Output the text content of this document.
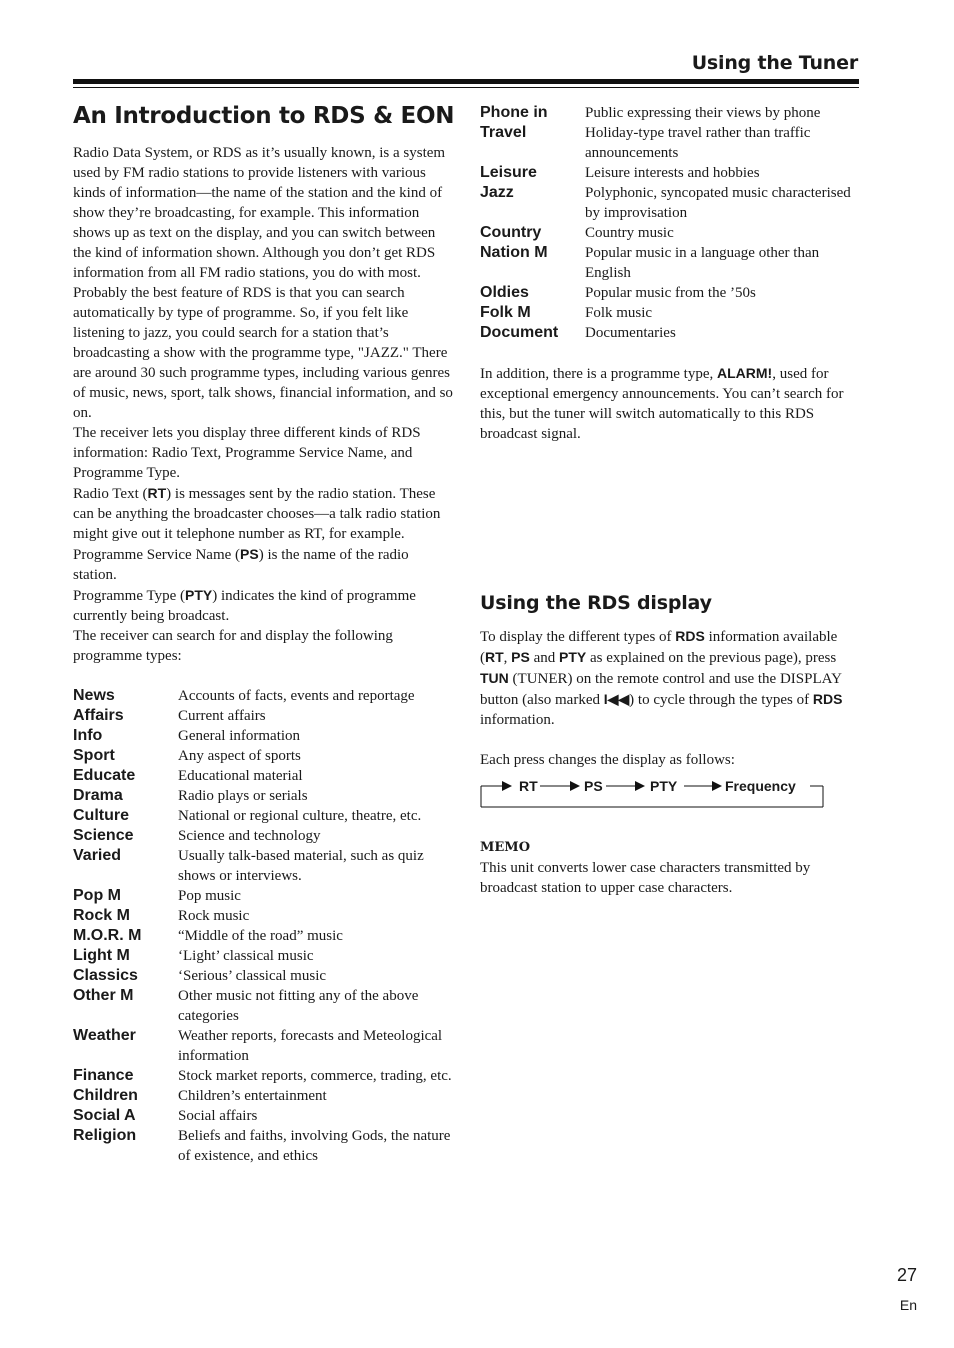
Using the Tuner
An Introduction to RDS & EON

Radio Data System, or RDS as it’s usually known, is a system used by FM radio stations to provide listeners with various kinds of information—the name of the station and the kind of show they’re broadcasting, for example. This information shows up as text on the display, and you can switch between the kind of information shown. Although you don’t get RDS information from all FM radio stations, you do with most.

Probably the best feature of RDS is that you can search automatically by type of programme. So, if you felt like listening to jazz, you could search for a station that’s broadcasting a show with the programme type, "JAZZ." There are around 30 such programme types, including various genres of music, news, sport, talk shows, financial information, and so on.

The receiver lets you display three different kinds of RDS information: Radio Text, Programme Service Name, and Programme Type.

Radio Text (RT) is messages sent by the radio station. These can be anything the broadcaster chooses—a talk radio station might give out it telephone number as RT, for example.

Programme Service Name (PS) is the name of the radio station.

Programme Type (PTY) indicates the kind of programme currently being broadcast.

The receiver can search for and display the following programme types:

News	Accounts of facts, events and reportage
Affairs	Current affairs
Info	General information
Sport	Any aspect of sports
Educate	Educational material
Drama	Radio plays or serials
Culture	National or regional culture, theatre, etc.
Science	Science and technology
Varied	Usually talk-based material, such as quiz shows or interviews.
Pop M	Pop music
Rock M	Rock music
M.O.R. M	“Middle of the road” music
Light M	‘Light’ classical music
Classics	‘Serious’ classical music
Other M	Other music not fitting any of the above categories
Weather	Weather reports, forecasts and Meteological information
Finance	Stock market reports, commerce, trading, etc.
Children	Children’s entertainment
Social A	Social affairs
Religion	Beliefs and faiths, involving Gods, the nature of existence, and ethics
Phone in	Public expressing their views by phone
Travel	Holiday-type travel rather than traffic announcements
Leisure	Leisure interests and hobbies
Jazz	Polyphonic, syncopated music characterised by improvisation
Country	Country music
Nation M	Popular music in a language other than English
Oldies	Popular music from the ’50s
Folk M	Folk music
Document	Documentaries

In addition, there is a programme type, ALARM!, used for exceptional emergency announcements. You can’t search for this, but the tuner will switch automatically to this RDS broadcast signal.

Using the RDS display

To display the different types of RDS information available (RT, PS and PTY as explained on the previous page), press TUN (TUNER) on the remote control and use the DISPLAY button (also marked I◀◀) to cycle through the types of RDS information.

Each press changes the display as follows:

RT	PS	PTY	Frequency

MEMO

This unit converts lower case characters transmitted by broadcast station to upper case characters.

27
En
